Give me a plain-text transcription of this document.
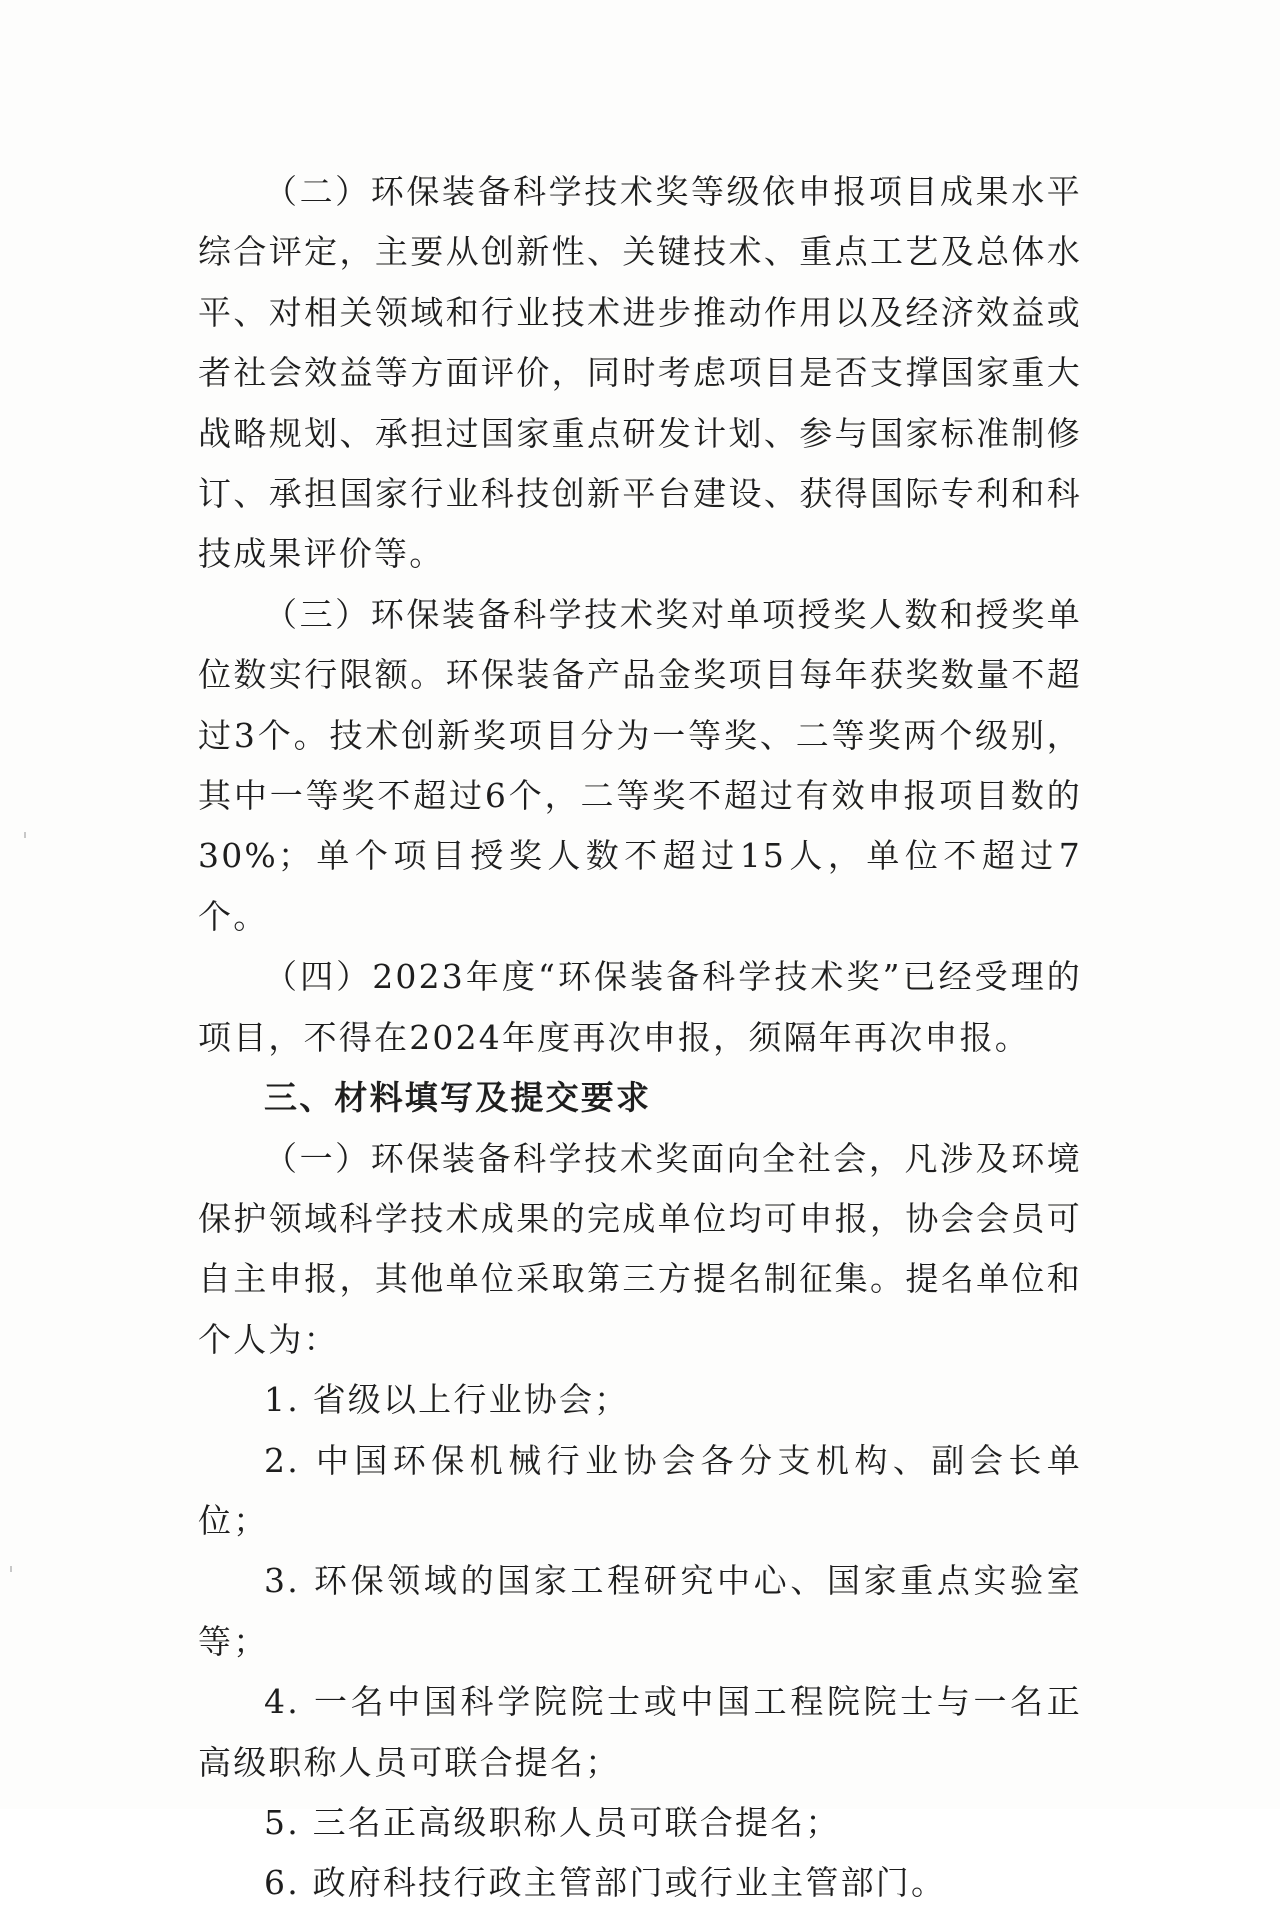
（二）环保装备科学技术奖等级依申报项目成果水平综合评定，主要从创新性、关键技术、重点工艺及总体水平、对相关领域和行业技术进步推动作用以及经济效益或者社会效益等方面评价，同时考虑项目是否支撑国家重大战略规划、承担过国家重点研发计划、参与国家标准制修订、承担国家行业科技创新平台建设、获得国际专利和科技成果评价等。

（三）环保装备科学技术奖对单项授奖人数和授奖单位数实行限额。环保装备产品金奖项目每年获奖数量不超过3个。技术创新奖项目分为一等奖、二等奖两个级别，其中一等奖不超过6个，二等奖不超过有效申报项目数的30%；单个项目授奖人数不超过15人，单位不超过7个。

（四）2023年度“环保装备科学技术奖”已经受理的项目，不得在2024年度再次申报，须隔年再次申报。

三、材料填写及提交要求

（一）环保装备科学技术奖面向全社会，凡涉及环境保护领域科学技术成果的完成单位均可申报，协会会员可自主申报，其他单位采取第三方提名制征集。提名单位和个人为：

1. 省级以上行业协会；

2. 中国环保机械行业协会各分支机构、副会长单位；

3. 环保领域的国家工程研究中心、国家重点实验室等；

4. 一名中国科学院院士或中国工程院院士与一名正高级职称人员可联合提名；

5. 三名正高级职称人员可联合提名；

6. 政府科技行政主管部门或行业主管部门。
